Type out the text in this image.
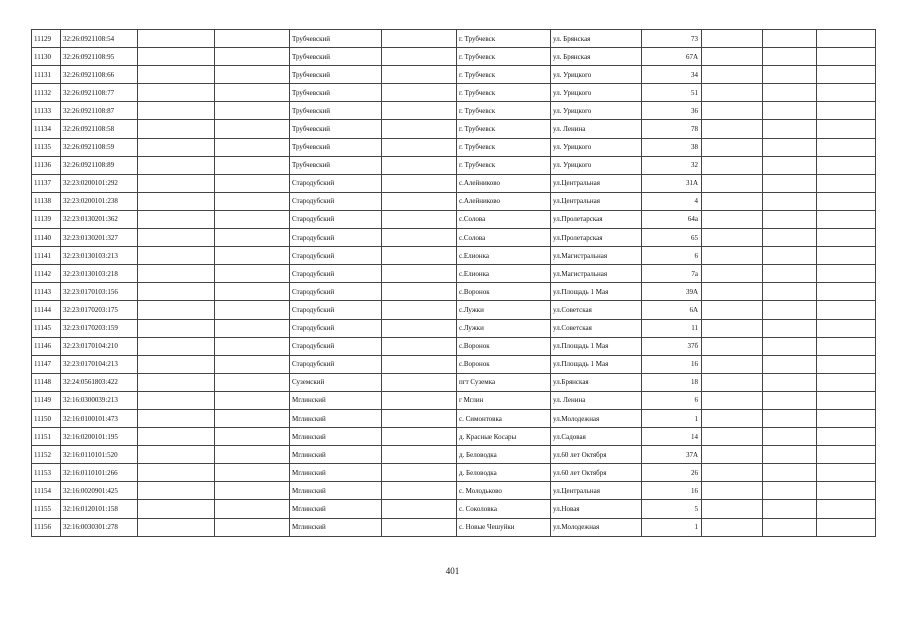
11129	32:26:0921108:54			Трубчевский		г. Трубчевск	ул. Брянская	73			
11130	32:26:0921108:95			Трубчевский		г. Трубчевск	ул. Брянская	67А			
11131	32:26:0921108:66			Трубчевский		г. Трубчевск	ул. Урицкого	34			
11132	32:26:0921108:77			Трубчевский		г. Трубчевск	ул. Урицкого	51			
11133	32:26:0921108:87			Трубчевский		г. Трубчевск	ул. Урицкого	36			
11134	32:26:0921108:58			Трубчевский		г. Трубчевск	ул. Ленина	78			
11135	32:26:0921108:59			Трубчевский		г. Трубчевск	ул. Урицкого	38			
11136	32:26:0921108:89			Трубчевский		г. Трубчевск	ул. Урицкого	32			
11137	32:23:0200101:292			Стародубский		с.Алейниково	ул.Центральная	31А			
11138	32:23:0200101:238			Стародубский		с.Алейниково	ул.Центральная	4			
11139	32:23:0130201:362			Стародубский		с.Солова	ул.Пролетарская	64а			
11140	32:23:0130201:327			Стародубский		с.Солова	ул.Пролетарская	65			
11141	32:23:0130103:213			Стародубский		с.Елионка	ул.Магистральная	6			
11142	32:23:0130103:218			Стародубский		с.Елионка	ул.Магистральная	7а			
11143	32:23:0170103:156			Стародубский		с.Воронок	ул.Площадь 1 Мая	39А			
11144	32:23:0170203:175			Стародубский		с.Лужки	ул.Советская	6А			
11145	32:23:0170203:159			Стародубский		с.Лужки	ул.Советская	11			
11146	32:23:0170104:210			Стародубский		с.Воронок	ул.Площадь 1 Мая	37б			
11147	32:23:0170104:213			Стародубский		с.Воронок	ул.Площадь 1 Мая	16			
11148	32:24:0561803:422			Суземский		пгт Суземка	ул.Брянская	18			
11149	32:16:0300039:213			Мглинский		г Мглин	ул. Ленина	6			
11150	32:16:0100101:473			Мглинский		с. Симонтовка	ул.Молодежная	1			
11151	32:16:0200101:195			Мглинский		д. Красные Косары	ул.Садовая	14			
11152	32:16:0110101:520			Мглинский		д. Беловодка	ул.60 лет Октября	37А			
11153	32:16:0110101:266			Мглинский		д. Беловодка	ул.60 лет Октября	26			
11154	32:16:0020901:425			Мглинский		с. Молодьково	ул.Центральная	16			
11155	32:16:0120101:158			Мглинский		с. Соколовка	ул.Новая	5			
11156	32:16:0030301:278			Мглинский		с. Новые Чешуйки	ул.Молодежная	1			
401
